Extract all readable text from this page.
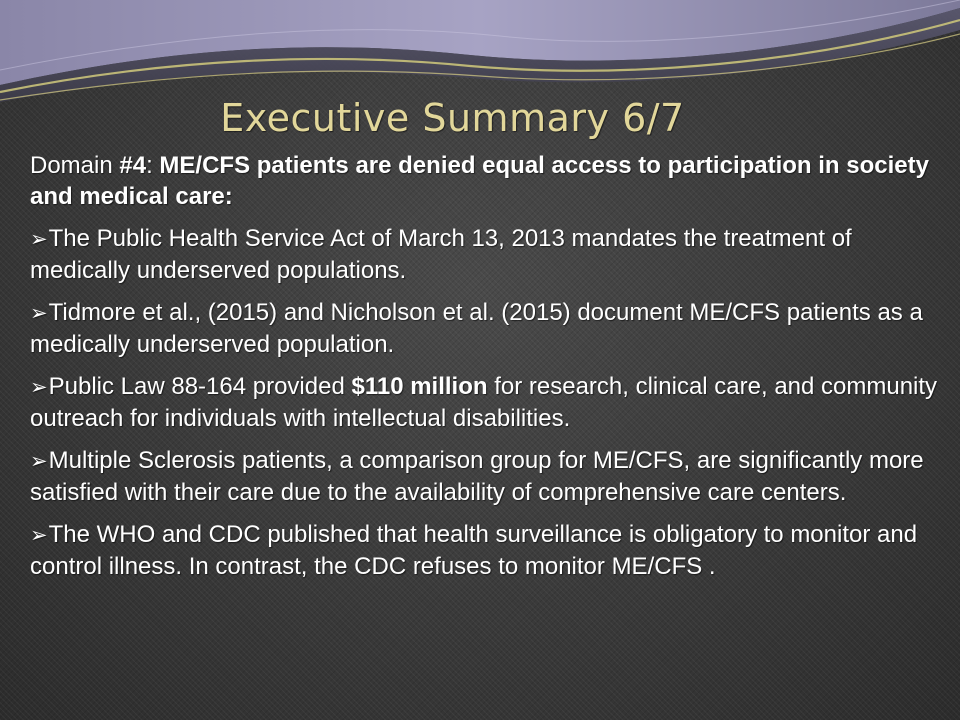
Executive Summary 6/7

Domain #4: ME/CFS patients are denied equal access to participation in society and medical care:

➢The Public Health Service Act of March 13, 2013 mandates the treatment of medically underserved populations.

➢Tidmore et al., (2015) and Nicholson et al. (2015) document ME/CFS patients as a medically underserved population.

➢Public Law 88-164 provided $110 million for research, clinical care, and community outreach for individuals with intellectual disabilities.

➢Multiple Sclerosis patients, a comparison group for ME/CFS, are significantly more satisfied with their care due to the availability of comprehensive care centers.

➢The WHO and CDC published that health surveillance is obligatory to monitor and control illness. In contrast, the CDC refuses to monitor ME/CFS .
